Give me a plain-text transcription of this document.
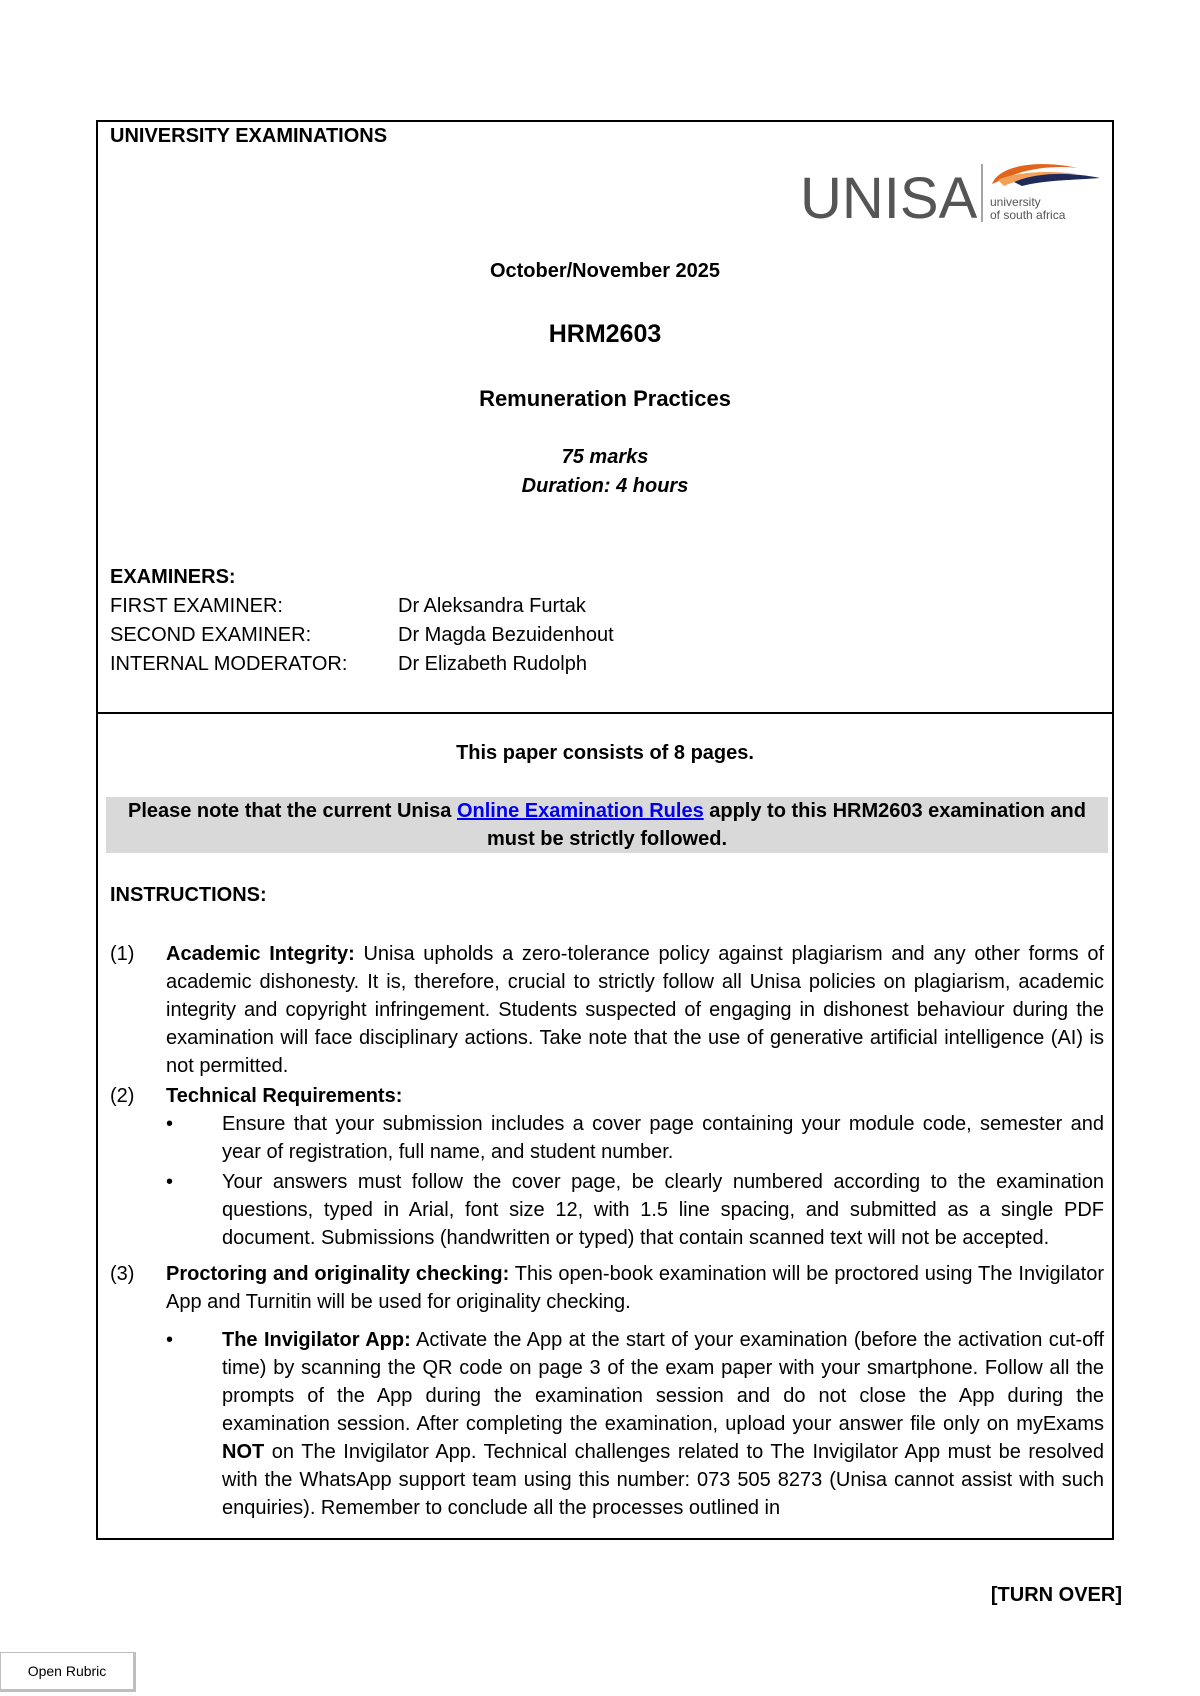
UNIVERSITY EXAMINATIONS
UNISA university
of south africa
October/November 2025
HRM2603
Remuneration Practices
75 marks
Duration: 4 hours
EXAMINERS:
FIRST EXAMINER:	Dr Aleksandra Furtak
SECOND EXAMINER:	Dr Magda Bezuidenhout
INTERNAL MODERATOR:	Dr Elizabeth Rudolph
This paper consists of 8 pages.
Please note that the current Unisa Online Examination Rules apply to this HRM2603 examination and must be strictly followed.
INSTRUCTIONS:
(1) Academic Integrity: Unisa upholds a zero-tolerance policy against plagiarism and any other forms of academic dishonesty. It is, therefore, crucial to strictly follow all Unisa policies on plagiarism, academic integrity and copyright infringement. Students suspected of engaging in dishonest behaviour during the examination will face disciplinary actions. Take note that the use of generative artificial intelligence (AI) is not permitted.
(2) Technical Requirements:
• Ensure that your submission includes a cover page containing your module code, semester and year of registration, full name, and student number.
• Your answers must follow the cover page, be clearly numbered according to the examination questions, typed in Arial, font size 12, with 1.5 line spacing, and submitted as a single PDF document. Submissions (handwritten or typed) that contain scanned text will not be accepted.
(3) Proctoring and originality checking: This open-book examination will be proctored using The Invigilator App and Turnitin will be used for originality checking.
• The Invigilator App: Activate the App at the start of your examination (before the activation cut-off time) by scanning the QR code on page 3 of the exam paper with your smartphone. Follow all the prompts of the App during the examination session and do not close the App during the examination session. After completing the examination, upload your answer file only on myExams NOT on The Invigilator App. Technical challenges related to The Invigilator App must be resolved with the WhatsApp support team using this number: 073 505 8273 (Unisa cannot assist with such enquiries). Remember to conclude all the processes outlined in
[TURN OVER]
Open Rubric
